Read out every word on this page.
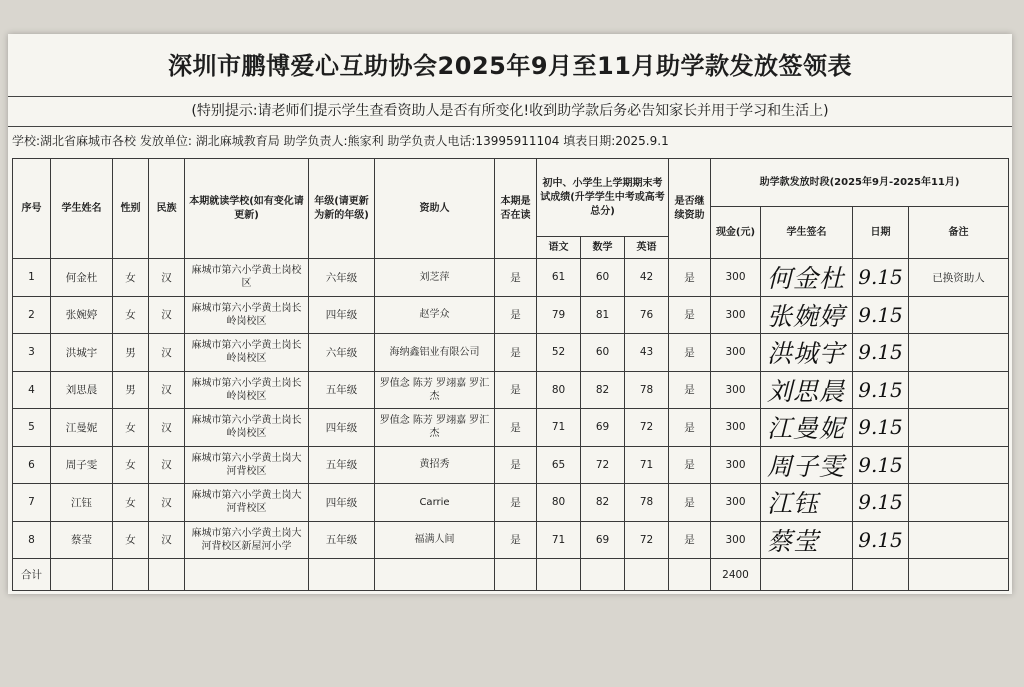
深圳市鹏博爱心互助协会2025年9月至11月助学款发放签领表
(特别提示:请老师们提示学生查看资助人是否有所变化!收到助学款后务必告知家长并用于学习和生活上)
学校:湖北省麻城市各校 发放单位: 湖北麻城教育局 助学负责人:熊家利 助学负责人电话:13995911104 填表日期:2025.9.1
序号	学生姓名	性别	民族	本期就读学校(如有变化请更新)	年级(请更新为新的年级)	资助人	本期是否在读	初中、小学生上学期期末考试成绩(升学学生中考或高考总分)			是否继续资助	助学款发放时段(2025年9月-2025年11月)			
												现金(元)	学生签名	日期	备注
								语文	数学	英语					
1	何金杜	女	汉	麻城市第六小学黄土岗校区	六年级	刘芝萍	是	61	60	42	是	300	何金杜	9.15	已换资助人
2	张婉婷	女	汉	麻城市第六小学黄土岗长岭岗校区	四年级	赵学众	是	79	81	76	是	300	张婉婷	9.15	
3	洪城宇	男	汉	麻城市第六小学黄土岗长岭岗校区	六年级	海纳鑫铝业有限公司	是	52	60	43	是	300	洪城宇	9.15	
4	刘思晨	男	汉	麻城市第六小学黄土岗长岭岗校区	五年级	罗值念 陈芳 罗翊嘉 罗汇杰	是	80	82	78	是	300	刘思晨	9.15	
5	江曼妮	女	汉	麻城市第六小学黄土岗长岭岗校区	四年级	罗值念 陈芳 罗翊嘉 罗汇杰	是	71	69	72	是	300	江曼妮	9.15	
6	周子雯	女	汉	麻城市第六小学黄土岗大河背校区	五年级	黄招秀	是	65	72	71	是	300	周子雯	9.15	
7	江钰	女	汉	麻城市第六小学黄土岗大河背校区	四年级	Carrie	是	80	82	78	是	300	江钰	9.15	
8	蔡莹	女	汉	麻城市第六小学黄土岗大河背校区新屋河小学	五年级	福满人间	是	71	69	72	是	300	蔡莹	9.15	
合计												2400			
